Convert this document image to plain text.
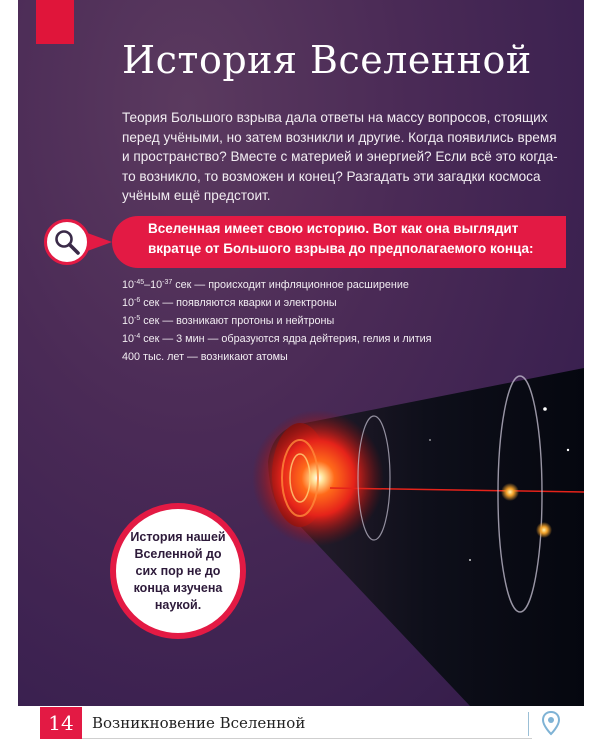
История Вселенной

Теория Большого взрыва дала ответы на массу вопросов, стоящих перед учёными, но затем возникли и другие. Когда появились время и пространство? Вместе с материей и энергией? Если всё это когда-то возникло, то возможен и конец? Разгадать эти загадки космоса учёным ещё предстоит.

Вселенная имеет свою историю. Вот как она выглядит вкратце от Большого взрыва до предполагаемого конца:

$10^{-45}-10^{-37}$ сек — происходит инфляционное расширение
$10^{-6}$ сек — появляются кварки и электроны
$10^{-5}$ сек — возникают протоны и нейтроны
$10^{-4}$ сек — 3 мин — образуются ядра дейтерия, гелия и лития
400 тыс. лет — возникают атомы
История нашей Вселенной до сих пор не до конца изучена наукой.
14	Возникновение Вселенной
